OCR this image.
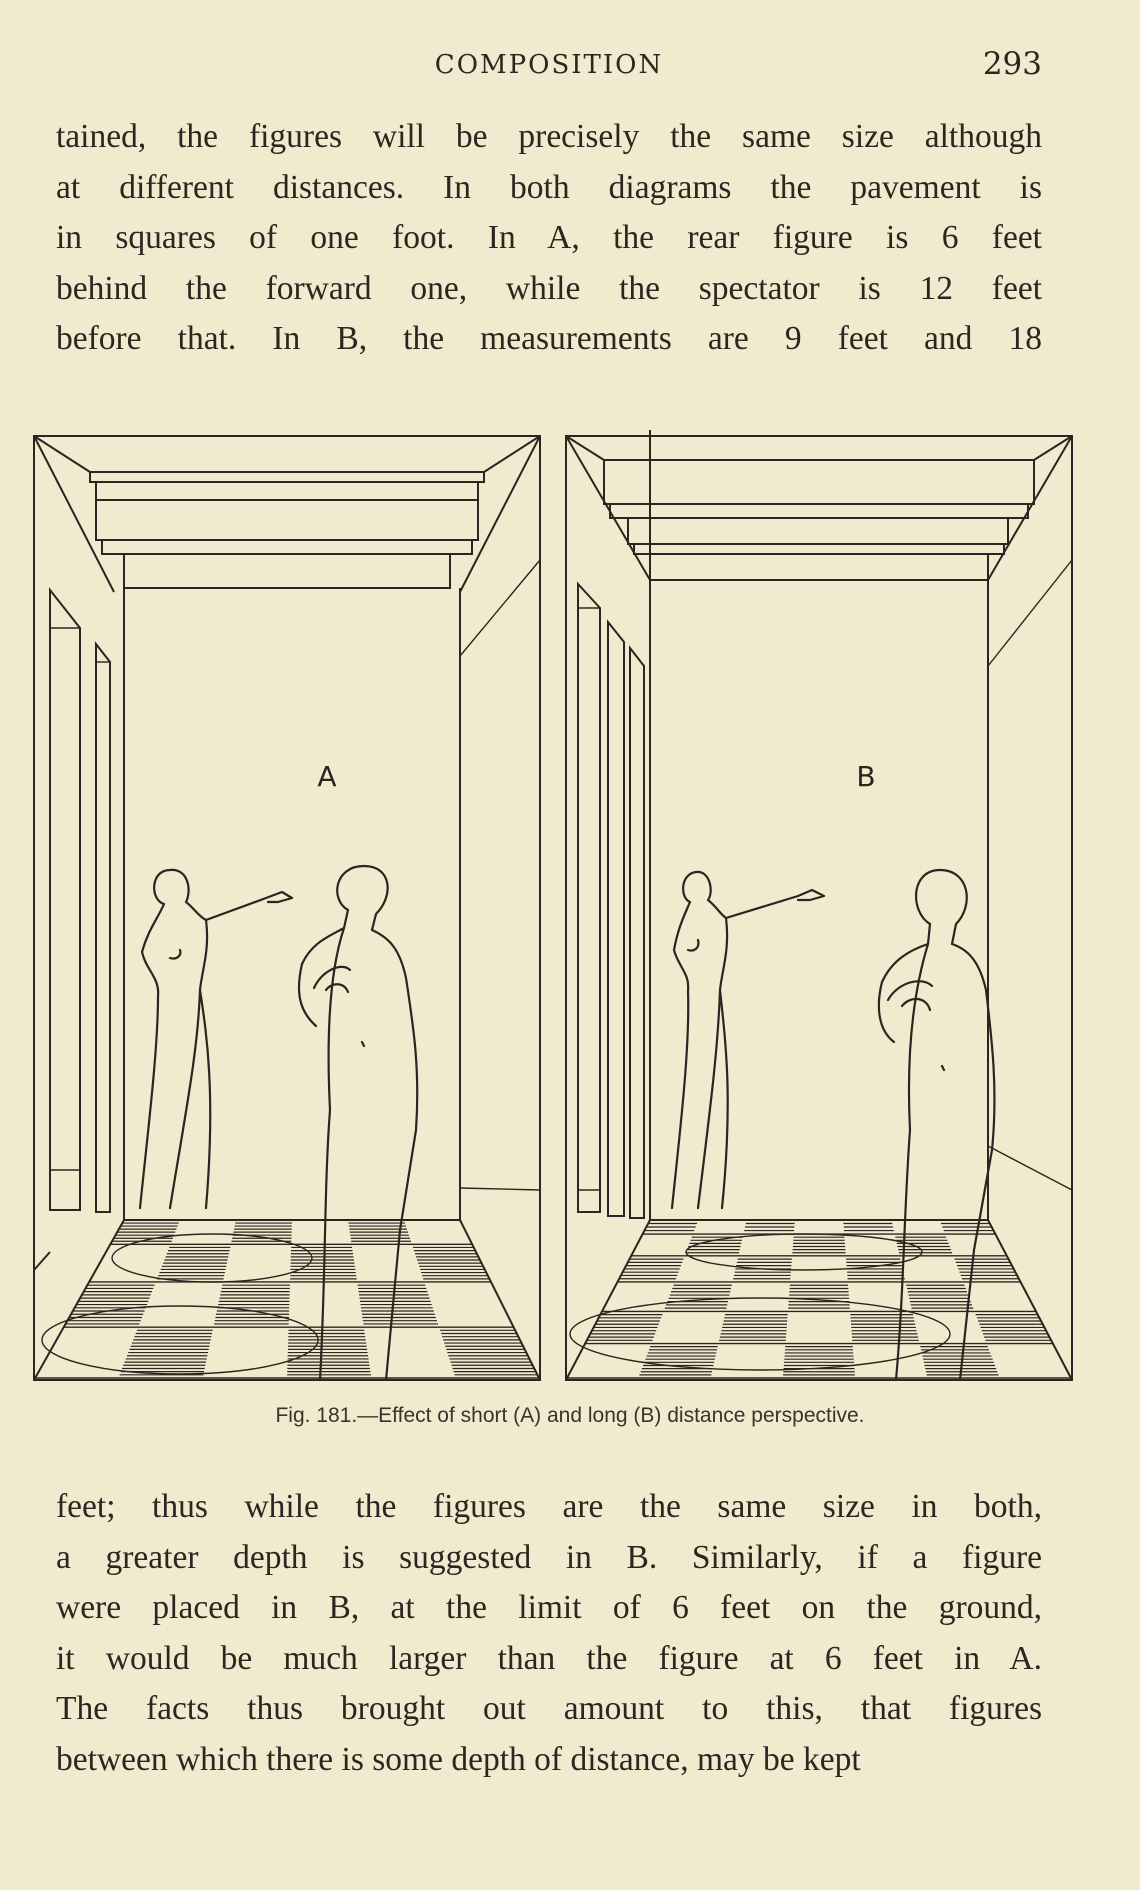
COMPOSITION	293
tained, the figures will be precisely the same size although
at different distances. In both diagrams the pavement is
in squares of one foot. In A, the rear figure is 6 feet
behind the forward one, while the spectator is 12 feet
before that. In B, the measurements are 9 feet and 18
A	B
Fig. 181.—Effect of short (A) and long (B) distance perspective.
feet; thus while the figures are the same size in both,
a greater depth is suggested in B. Similarly, if a figure
were placed in B, at the limit of 6 feet on the ground,
it would be much larger than the figure at 6 feet in A.
The facts thus brought out amount to this, that figures
between which there is some depth of distance, may be kept
